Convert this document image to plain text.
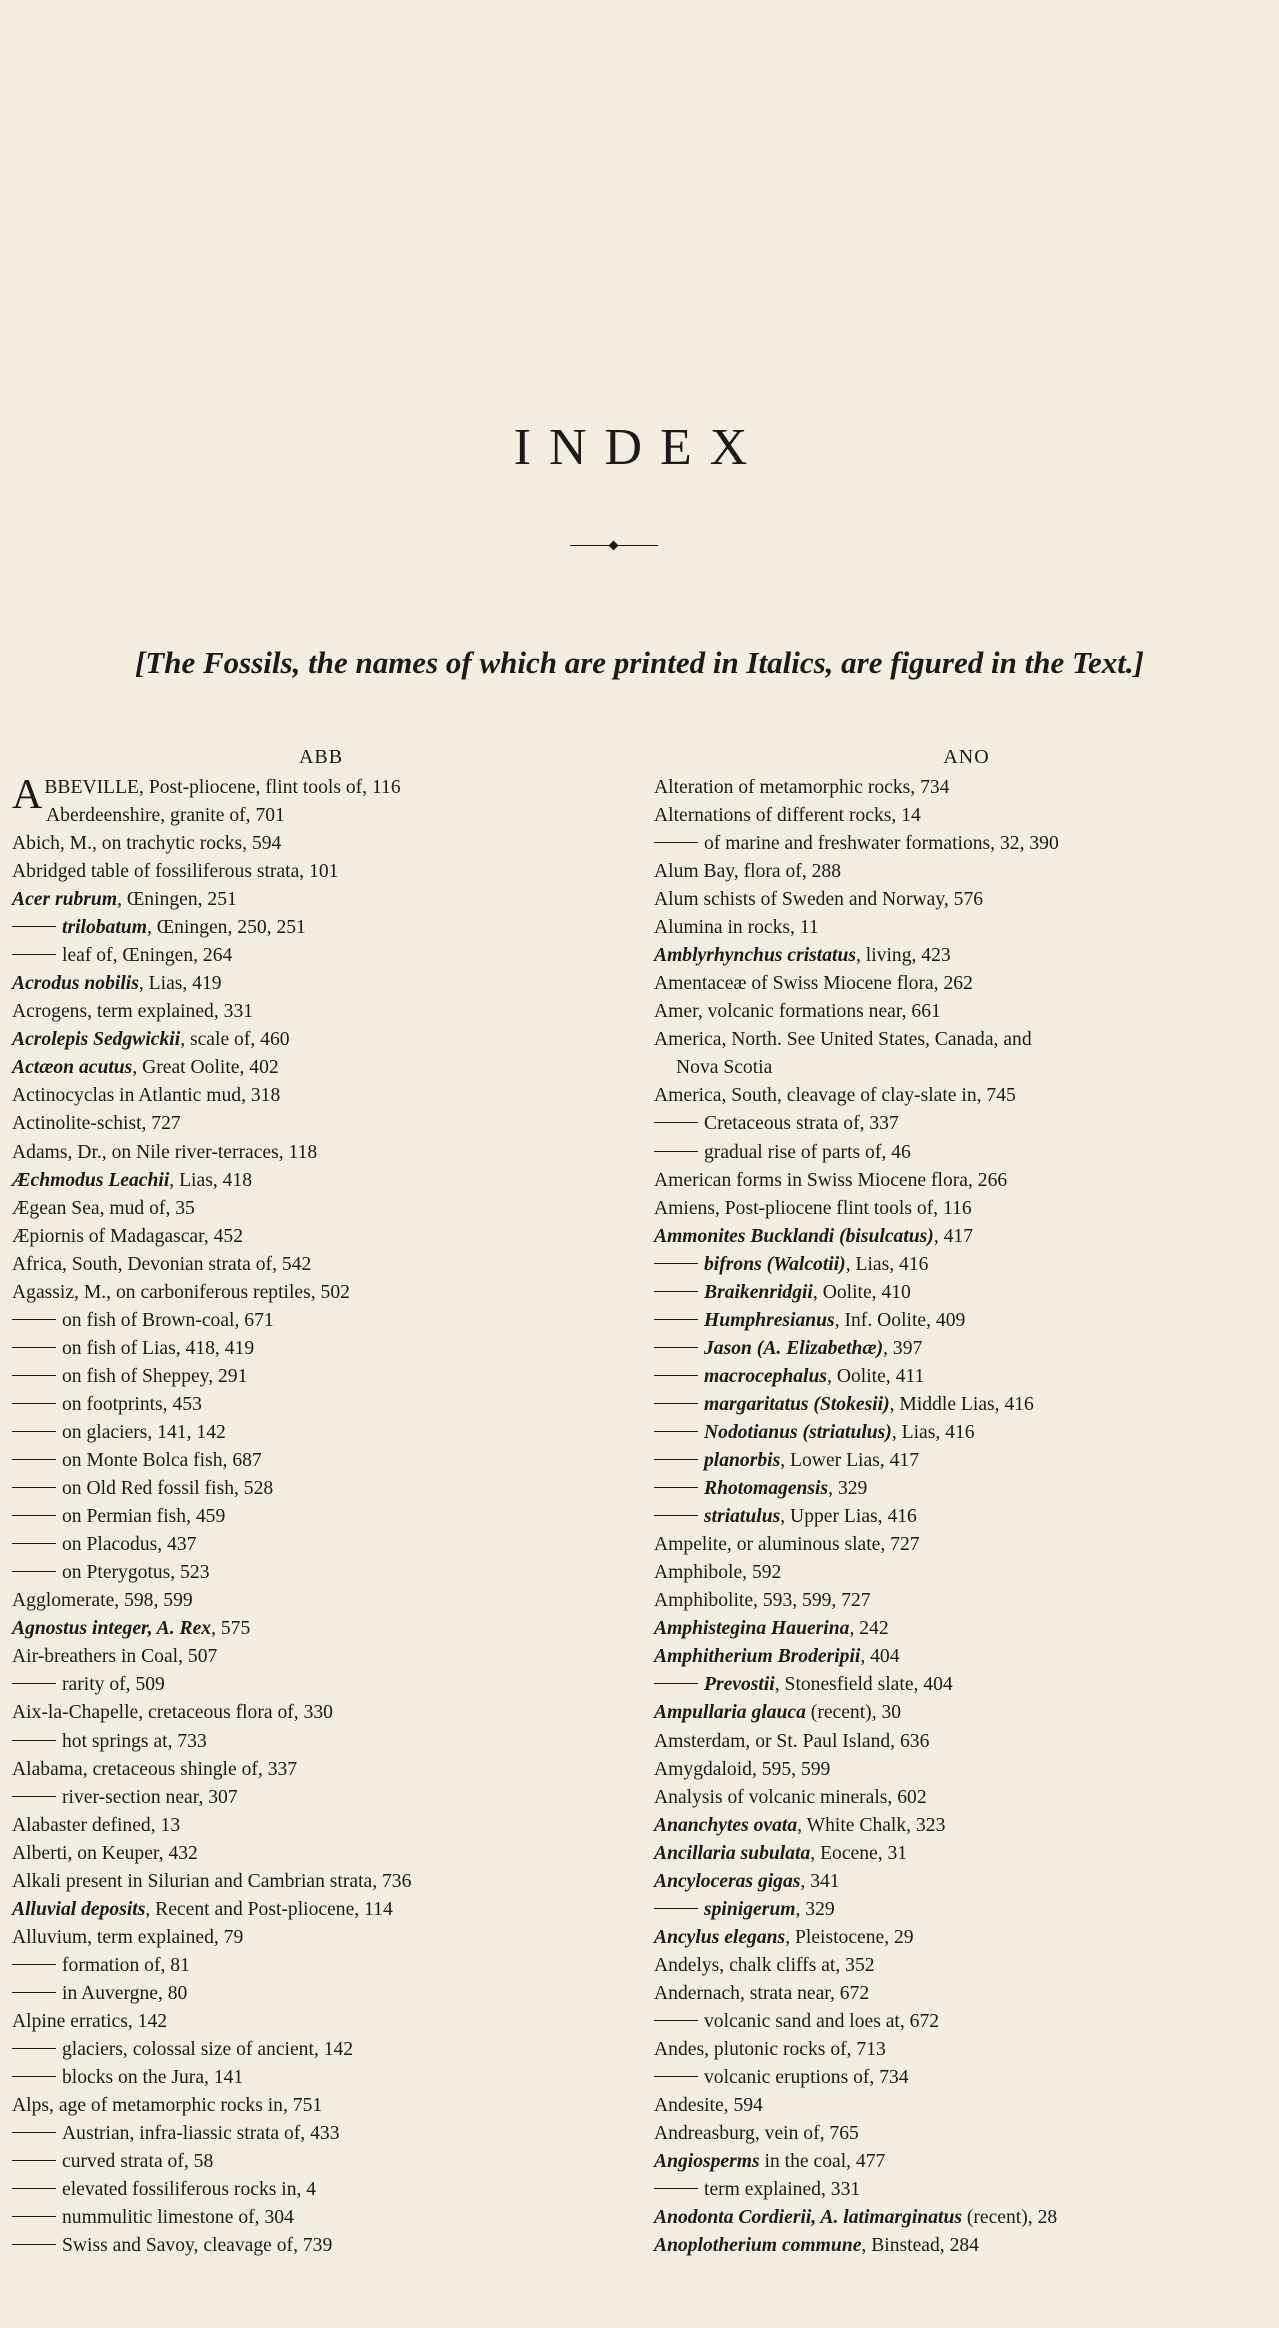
INDEX
[The Fossils, the names of which are printed in Italics, are figured in the Text.]
ABB
A BBEVILLE, Post-pliocene, flint tools of, 116
Aberdeenshire, granite of, 701
Abich, M., on trachytic rocks, 594
Abridged table of fossiliferous strata, 101
Acer rubrum, Œningen, 251
trilobatum, Œningen, 250, 251
leaf of, Œningen, 264
Acrodus nobilis, Lias, 419
Acrogens, term explained, 331
Acrolepis Sedgwickii, scale of, 460
Actæon acutus, Great Oolite, 402
Actinocyclas in Atlantic mud, 318
Actinolite-schist, 727
Adams, Dr., on Nile river-terraces, 118
Æchmodus Leachii, Lias, 418
Ægean Sea, mud of, 35
Æpiornis of Madagascar, 452
Africa, South, Devonian strata of, 542
Agassiz, M., on carboniferous reptiles, 502
on fish of Brown-coal, 671
on fish of Lias, 418, 419
on fish of Sheppey, 291
on footprints, 453
on glaciers, 141, 142
on Monte Bolca fish, 687
on Old Red fossil fish, 528
on Permian fish, 459
on Placodus, 437
on Pterygotus, 523
Agglomerate, 598, 599
Agnostus integer, A. Rex, 575
Air-breathers in Coal, 507
rarity of, 509
Aix-la-Chapelle, cretaceous flora of, 330
hot springs at, 733
Alabama, cretaceous shingle of, 337
river-section near, 307
Alabaster defined, 13
Alberti, on Keuper, 432
Alkali present in Silurian and Cambrian strata, 736
Alluvial deposits, Recent and Post-pliocene, 114
Alluvium, term explained, 79
formation of, 81
in Auvergne, 80
Alpine erratics, 142
glaciers, colossal size of ancient, 142
blocks on the Jura, 141
Alps, age of metamorphic rocks in, 751
Austrian, infra-liassic strata of, 433
curved strata of, 58
elevated fossiliferous rocks in, 4
nummulitic limestone of, 304
Swiss and Savoy, cleavage of, 739
ANO
Alteration of metamorphic rocks, 734
Alternations of different rocks, 14
of marine and freshwater formations, 32, 390
Alum Bay, flora of, 288
Alum schists of Sweden and Norway, 576
Alumina in rocks, 11
Amblyrhynchus cristatus, living, 423
Amentaceæ of Swiss Miocene flora, 262
Amer, volcanic formations near, 661
America, North. See United States, Canada, and
Nova Scotia
America, South, cleavage of clay-slate in, 745
Cretaceous strata of, 337
gradual rise of parts of, 46
American forms in Swiss Miocene flora, 266
Amiens, Post-pliocene flint tools of, 116
Ammonites Bucklandi (bisulcatus), 417
bifrons (Walcotii), Lias, 416
Braikenridgii, Oolite, 410
Humphresianus, Inf. Oolite, 409
Jason (A. Elizabethæ), 397
macrocephalus, Oolite, 411
margaritatus (Stokesii), Middle Lias, 416
Nodotianus (striatulus), Lias, 416
planorbis, Lower Lias, 417
Rhotomagensis, 329
striatulus, Upper Lias, 416
Ampelite, or aluminous slate, 727
Amphibole, 592
Amphibolite, 593, 599, 727
Amphistegina Hauerina, 242
Amphitherium Broderipii, 404
Prevostii, Stonesfield slate, 404
Ampullaria glauca (recent), 30
Amsterdam, or St. Paul Island, 636
Amygdaloid, 595, 599
Analysis of volcanic minerals, 602
Ananchytes ovata, White Chalk, 323
Ancillaria subulata, Eocene, 31
Ancyloceras gigas, 341
spinigerum, 329
Ancylus elegans, Pleistocene, 29
Andelys, chalk cliffs at, 352
Andernach, strata near, 672
volcanic sand and loes at, 672
Andes, plutonic rocks of, 713
volcanic eruptions of, 734
Andesite, 594
Andreasburg, vein of, 765
Angiosperms in the coal, 477
term explained, 331
Anodonta Cordierii, A. latimarginatus (recent), 28
Anoplotherium commune, Binstead, 284
